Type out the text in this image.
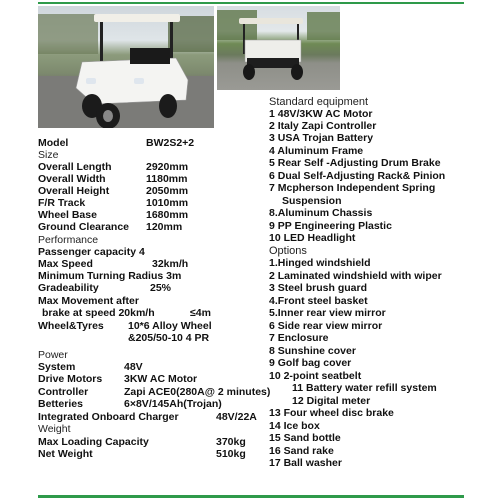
Standard equipment
1 48V/3KW AC Motor
2 Italy Zapi Controller
3 USA Trojan Battery
4 Aluminum Frame
5 Rear Self -Adjusting Drum Brake
6 Dual Self-Adjusting Rack& Pinion
7 Mcpherson Independent Spring
Suspension
8.Aluminum Chassis
9 PP Engineering Plastic
10 LED Headlight
Options
1.Hinged windshield
2 Laminated windshield with wiper
3 Steel brush guard
4.Front steel basket
5.Inner rear view mirror
6 Side rear view mirror
7 Enclosure
8 Sunshine cover
9 Golf bag cover
10 2-point seatbelt
11 Battery water refill system
12 Digital meter
13 Four wheel disc brake
14 Ice box
15 Sand bottle
16 Sand rake
17 Ball washer
Model	BW2S2+2
Size
Overall Length	2920mm
Overall Width	1180mm
Overall Height	2050mm
F/R Track	1010mm
Wheel Base	1680mm
Ground Clearance 120mm
Performance
Passenger capacity 4
Max Speed	32km/h
Minimum Turning Radius 3m
Gradeability	25%
Max Movement after
brake at speed 20km/h	≤4m
Wheel&Tyres 10*6 Alloy Wheel
&205/50-10 4 PR
Power
System	48V
Drive Motors 3KW AC Motor
Controller	Zapi ACE0(280A@ 2 minutes)
Betteries	6×8V/145Ah(Trojan)
Integrated Onboard Charger	48V/22A
Weight
Max Loading Capacity	370kg
Net Weight	510kg
